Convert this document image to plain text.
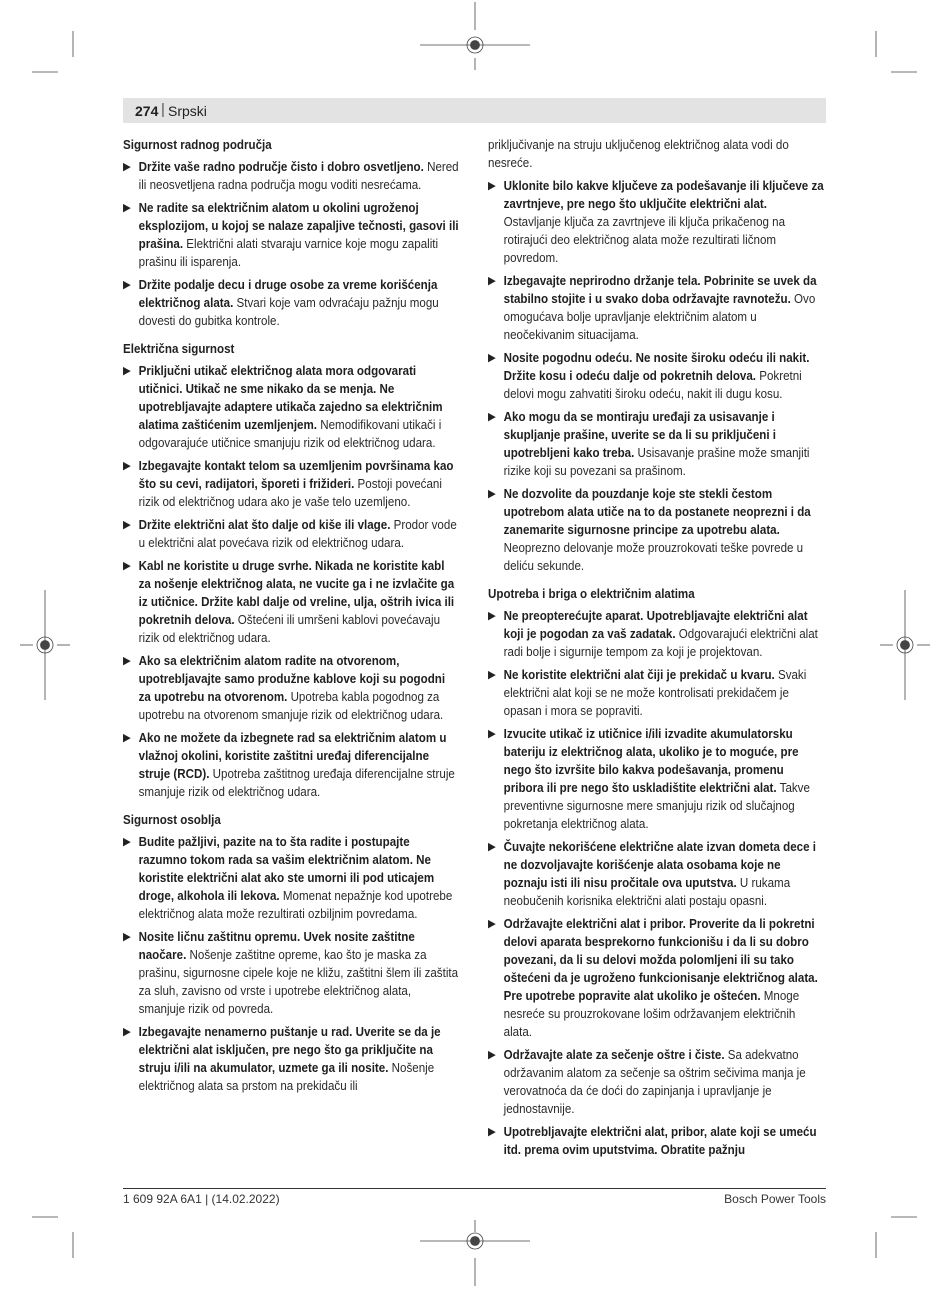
274 | Srpski
Sigurnost radnog područja
▶ Držite vaše radno područje čisto i dobro osvetljeno. Nered ili neosvetljena radna područja mogu voditi nesrećama.
▶ Ne radite sa električnim alatom u okolini ugroženoj eksplozijom, u kojoj se nalaze zapaljive tečnosti, gasovi ili prašina. Električni alati stvaraju varnice koje mogu zapaliti prašinu ili isparenja.
▶ Držite podalje decu i druge osobe za vreme korišćenja električnog alata. Stvari koje vam odvraćaju pažnju mogu dovesti do gubitka kontrole.
Električna sigurnost
▶ Priključni utikač električnog alata mora odgovarati utičnici. Utikač ne sme nikako da se menja. Ne upotrebljavajte adaptere utikača zajedno sa električnim alatima zaštićenim uzemljenjem. Nemodifikovani utikači i odgovarajuće utičnice smanjuju rizik od električnog udara.
▶ Izbegavajte kontakt telom sa uzemljenim površinama kao što su cevi, radijatori, šporeti i frižideri. Postoji povećani rizik od električnog udara ako je vaše telo uzemljeno.
▶ Držite električni alat što dalje od kiše ili vlage. Prodor vode u električni alat povećava rizik od električnog udara.
▶ Kabl ne koristite u druge svrhe. Nikada ne koristite kabl za nošenje električnog alata, ne vucite ga i ne izvlačite ga iz utičnice. Držite kabl dalje od vreline, ulja, oštrih ivica ili pokretnih delova. Oštećeni ili umršeni kablovi povećavaju rizik od električnog udara.
▶ Ako sa električnim alatom radite na otvorenom, upotrebljavajte samo produžne kablove koji su pogodni za upotrebu na otvorenom. Upotreba kabla pogodnog za upotrebu na otvorenom smanjuje rizik od električnog udara.
▶ Ako ne možete da izbegnete rad sa električnim alatom u vlažnoj okolini, koristite zaštitni uređaj diferencijalne struje (RCD). Upotreba zaštitnog uređaja diferencijalne struje smanjuje rizik od električnog udara.
Sigurnost osoblja
▶ Budite pažljivi, pazite na to šta radite i postupajte razumno tokom rada sa vašim električnim alatom. Ne koristite električni alat ako ste umorni ili pod uticajem droge, alkohola ili lekova. Momenat nepažnje kod upotrebe električnog alata može rezultirati ozbiljnim povredama.
▶ Nosite ličnu zaštitnu opremu. Uvek nosite zaštitne naočare. Nošenje zaštitne opreme, kao što je maska za prašinu, sigurnosne cipele koje ne kližu, zaštitni šlem ili zaštita za sluh, zavisno od vrste i upotrebe električnog alata, smanjuje rizik od povreda.
▶ Izbegavajte nenamerno puštanje u rad. Uverite se da je električni alat isključen, pre nego što ga priključite na struju i/ili na akumulator, uzmete ga ili nosite. Nošenje električnog alata sa prstom na prekidaču ili
priključivanje na struju uključenog električnog alata vodi do nesreće.
▶ Uklonite bilo kakve ključeve za podešavanje ili ključeve za zavrtnjeve, pre nego što uključite električni alat. Ostavljanje ključa za zavrtnjeve ili ključa prikačenog na rotirajući deo električnog alata može rezultirati ličnom povredom.
▶ Izbegavajte neprirodno držanje tela. Pobrinite se uvek da stabilno stojite i u svako doba održavajte ravnotežu. Ovo omogućava bolje upravljanje električnim alatom u neočekivanim situacijama.
▶ Nosite pogodnu odeću. Ne nosite široku odeću ili nakit. Držite kosu i odeću dalje od pokretnih delova. Pokretni delovi mogu zahvatiti široku odeću, nakit ili dugu kosu.
▶ Ako mogu da se montiraju uređaji za usisavanje i skupljanje prašine, uverite se da li su priključeni i upotrebljeni kako treba. Usisavanje prašine može smanjiti rizike koji su povezani sa prašinom.
▶ Ne dozvolite da pouzdanje koje ste stekli čestom upotrebom alata utiče na to da postanete neoprezni i da zanemarite sigurnosne principe za upotrebu alata. Neoprezno delovanje može prouzrokovati teške povrede u deliću sekunde.
Upotreba i briga o električnim alatima
▶ Ne preopterećujte aparat. Upotrebljavajte električni alat koji je pogodan za vaš zadatak. Odgovarajući električni alat radi bolje i sigurnije tempom za koji je projektovan.
▶ Ne koristite električni alat čiji je prekidač u kvaru. Svaki električni alat koji se ne može kontrolisati prekidačem je opasan i mora se popraviti.
▶ Izvucite utikač iz utičnice i/ili izvadite akumulatorsku bateriju iz električnog alata, ukoliko je to moguće, pre nego što izvršite bilo kakva podešavanja, promenu pribora ili pre nego što uskladištite električni alat. Takve preventivne sigurnosne mere smanjuju rizik od slučajnog pokretanja električnog alata.
▶ Čuvajte nekorišćene električne alate izvan dometa dece i ne dozvoljavajte korišćenje alata osobama koje ne poznaju isti ili nisu pročitale ova uputstva. U rukama neobučenih korisnika električni alati postaju opasni.
▶ Održavajte električni alat i pribor. Proverite da li pokretni delovi aparata besprekorno funkcionišu i da li su dobro povezani, da li su delovi možda polomljeni ili su tako oštećeni da je ugroženo funkcionisanje električnog alata. Pre upotrebe popravite alat ukoliko je oštećen. Mnoge nesreće su prouzrokovane lošim održavanjem električnih alata.
▶ Održavajte alate za sečenje oštre i čiste. Sa adekvatno održavanim alatom za sečenje sa oštrim sečivima manja je verovatnoća da će doći do zapinjanja i upravljanje je jednostavnije.
▶ Upotrebljavajte električni alat, pribor, alate koji se umeću itd. prema ovim uputstvima. Obratite pažnju
1 609 92A 6A1 | (14.02.2022)	Bosch Power Tools
